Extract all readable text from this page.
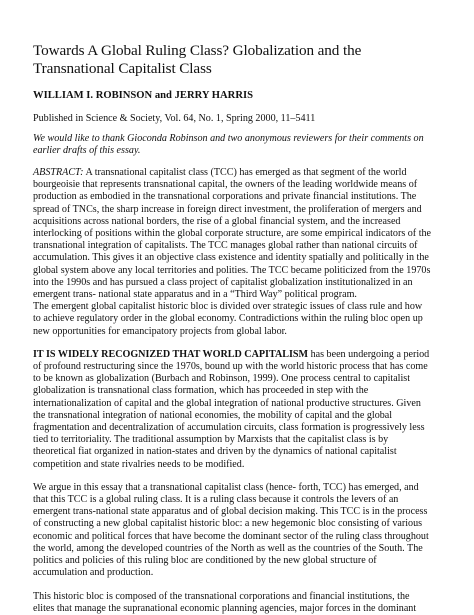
Towards A Global Ruling Class? Globalization and the Transnational Capitalist Class
WILLIAM I. ROBINSON and JERRY HARRIS
Published in Science & Society, Vol. 64, No. 1, Spring 2000, 11–5411
We would like to thank Gioconda Robinson and two anonymous reviewers for their comments on earlier drafts of this essay.
ABSTRACT: A transnational capitalist class (TCC) has emerged as that segment of the world bourgeoisie that represents transnational capital, the owners of the leading worldwide means of production as embodied in the transnational corporations and private financial institutions. The spread of TNCs, the sharp increase in foreign direct investment, the proliferation of mergers and acquisitions across national borders, the rise of a global financial system, and the increased interlocking of positions within the global corporate structure, are some empirical indicators of the transnational integration of capitalists. The TCC manages global rather than national circuits of accumulation. This gives it an objective class existence and identity spatially and politically in the global system above any local territories and polities. The TCC became politicized from the 1970s into the 1990s and has pursued a class project of capitalist globalization institutionalized in an emergent trans- national state apparatus and in a “Third Way” political program.
The emergent global capitalist historic bloc is divided over strategic issues of class rule and how to achieve regulatory order in the global economy. Contradictions within the ruling bloc open up new opportunities for emancipatory projects from global labor.
IT IS WIDELY RECOGNIZED THAT WORLD CAPITALISM has been undergoing a period of profound restructuring since the 1970s, bound up with the world historic process that has come to be known as globalization (Burbach and Robinson, 1999). One process central to capitalist globalization is transnational class formation, which has proceeded in step with the internationalization of capital and the global integration of national productive structures. Given the transnational integration of national economies, the mobility of capital and the global fragmentation and decentralization of accumulation circuits, class formation is progressively less tied to territoriality. The traditional assumption by Marxists that the capitalist class is by theoretical fiat organized in nation-states and driven by the dynamics of national capitalist competition and state rivalries needs to be modified.
We argue in this essay that a transnational capitalist class (hence- forth, TCC) has emerged, and that this TCC is a global ruling class. It is a ruling class because it controls the levers of an emergent trans-national state apparatus and of global decision making. This TCC is in the process of constructing a new global capitalist historic bloc: a new hegemonic bloc consisting of various economic and political forces that have become the dominant sector of the ruling class throughout the world, among the developed countries of the North as well as the countries of the South. The politics and policies of this ruling bloc are conditioned by the new global structure of accumulation and production.
This historic bloc is composed of the transnational corporations and financial institutions, the elites that manage the supranational economic planning agencies, major forces in the dominant
